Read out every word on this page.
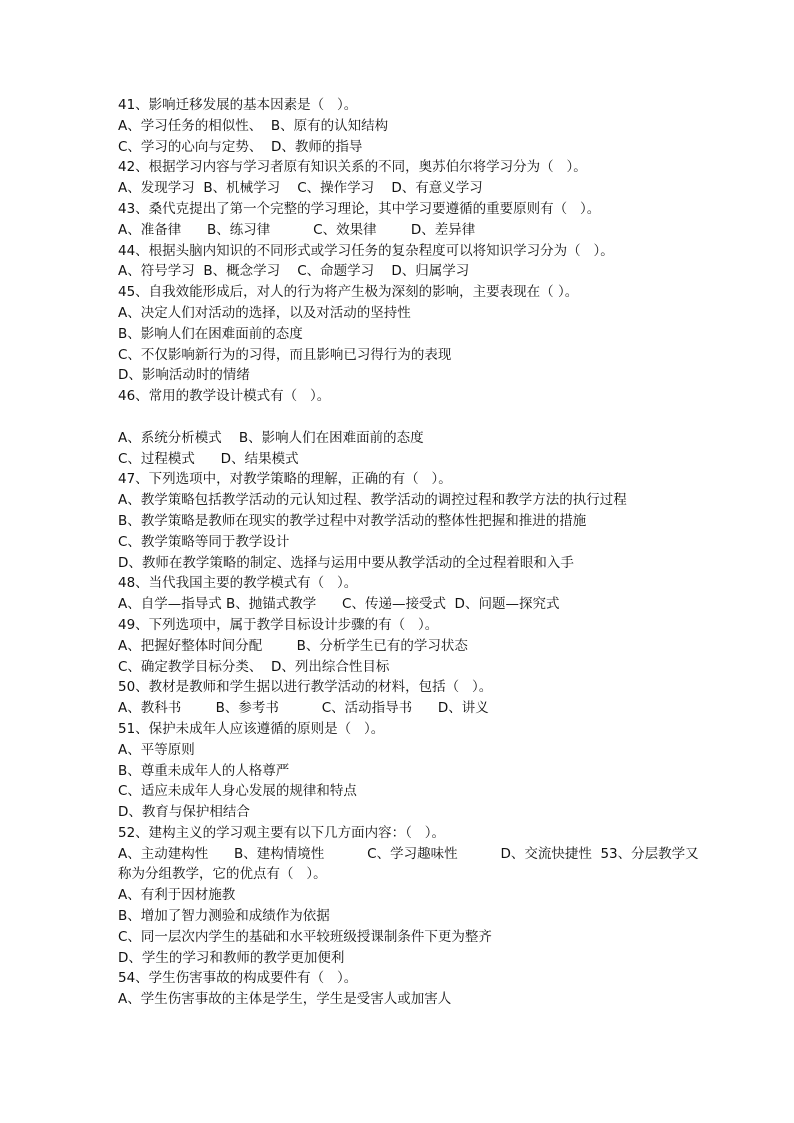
41、影响迁移发展的基本因素是（   ）。
A、学习任务的相似性、  B、原有的认知结构
C、学习的心向与定势、  D、教师的指导
42、根据学习内容与学习者原有知识关系的不同，奥苏伯尔将学习分为（   ）。
A、发现学习  B、机械学习    C、操作学习    D、有意义学习
43、桑代克提出了第一个完整的学习理论，其中学习要遵循的重要原则有（   ）。
A、准备律      B、练习律          C、效果律        D、差异律
44、根据头脑内知识的不同形式或学习任务的复杂程度可以将知识学习分为（   ）。
A、符号学习  B、概念学习    C、命题学习    D、归属学习
45、自我效能形成后，对人的行为将产生极为深刻的影响，主要表现在（ ）。
A、决定人们对活动的选择，以及对活动的坚持性
B、影响人们在困难面前的态度
C、不仅影响新行为的习得，而且影响已习得行为的表现
D、影响活动时的情绪
46、常用的教学设计模式有（   ）。
A、系统分析模式    B、影响人们在困难面前的态度
C、过程模式      D、结果模式
47、下列选项中，对教学策略的理解，正确的有（   ）。
A、教学策略包括教学活动的元认知过程、教学活动的调控过程和教学方法的执行过程
B、教学策略是教师在现实的教学过程中对教学活动的整体性把握和推进的措施
C、教学策略等同于教学设计
D、教师在教学策略的制定、选择与运用中要从教学活动的全过程着眼和入手
48、当代我国主要的教学模式有（   ）。
A、自学—指导式 B、抛锚式教学      C、传递—接受式  D、问题—探究式
49、下列选项中，属于教学目标设计步骤的有（   ）。
A、把握好整体时间分配        B、分析学生已有的学习状态
C、确定教学目标分类、  D、列出综合性目标
50、教材是教师和学生据以进行教学活动的材料，包括（   ）。
A、教科书        B、参考书          C、活动指导书      D、讲义
51、保护未成年人应该遵循的原则是（   ）。
A、平等原则
B、尊重未成年人的人格尊严
C、适应未成年人身心发展的规律和特点
D、教育与保护相结合
52、建构主义的学习观主要有以下几方面内容：（   ）。
A、主动建构性      B、建构情境性          C、学习趣味性          D、交流快捷性  53、分层教学又
称为分组教学，它的优点有（   ）。
A、有利于因材施教
B、增加了智力测验和成绩作为依据
C、同一层次内学生的基础和水平较班级授课制条件下更为整齐
D、学生的学习和教师的教学更加便利
54、学生伤害事故的构成要件有（   ）。
A、学生伤害事故的主体是学生，学生是受害人或加害人
